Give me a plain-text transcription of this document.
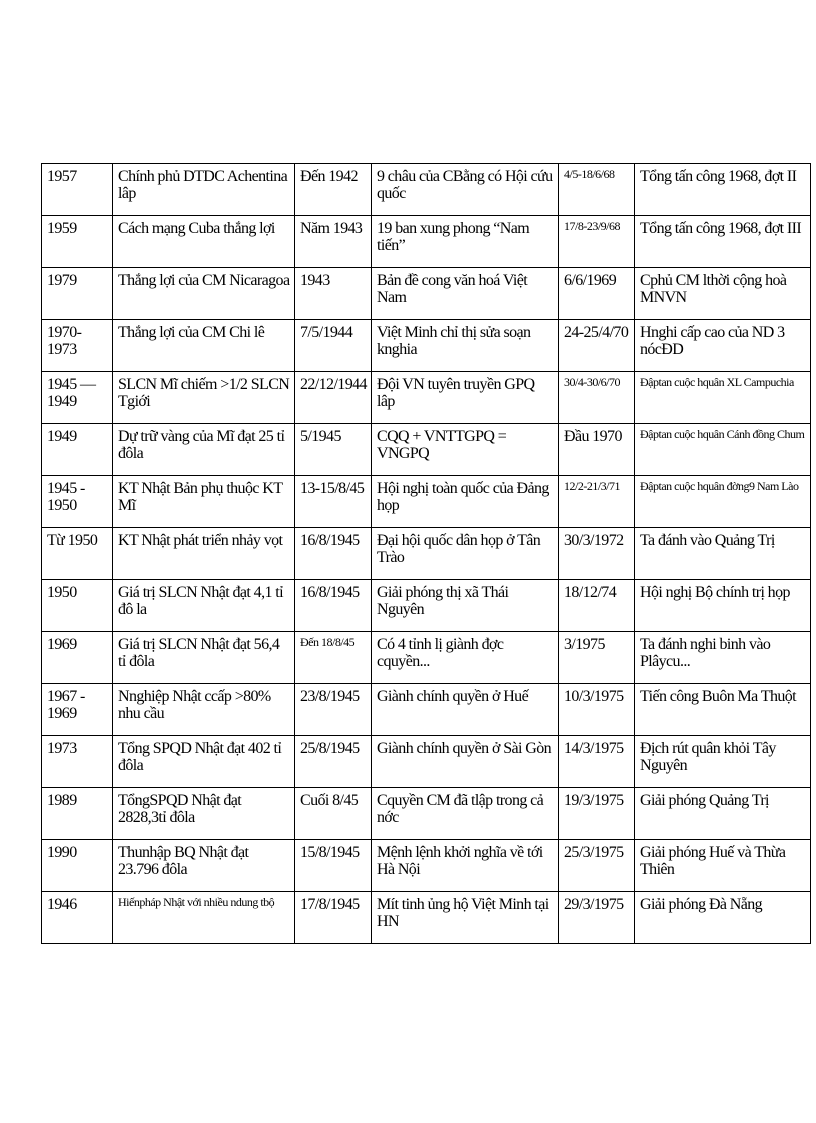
1957	Chính phủ DTDC Achentina lâp	Đến 1942	9 châu của CBằng có Hội cứu quốc	4/5-18/6/68	Tổng tấn công 1968, đợt II
1959	Cách mạng Cuba thắng lợi	Năm 1943	19 ban xung phong “Nam tiến”	17/8-23/9/68	Tổng tấn công 1968, đợt III
1979	Thắng lợi của CM Nicaragoa	1943	Bản đề cong văn hoá Việt Nam	6/6/1969	Cphủ CM lthời cộng hoà MNVN
1970-1973	Thắng lợi của CM Chi lê	7/5/1944	Việt Minh chỉ thị sửa soạn knghia	24-25/4/70	Hnghi cấp cao của ND 3 nócĐD
1945 — 1949	SLCN Mĩ chiếm >1/2 SLCN Tgiới	22/12/1944	Đội VN tuyên truyền GPQ lâp	30/4-30/6/70	Đậptan cuộc hquân XL Campuchia
1949	Dự trữ vàng của Mĩ đạt 25 tỉ đôla	5/1945	CQQ + VNTTGPQ = VNGPQ	Đầu 1970	Đậptan cuộc hquân Cánh đồng Chum
1945 - 1950	KT Nhật Bản phụ thuộc KT Mĩ	13-15/8/45	Hội nghị toàn quốc của Đảng họp	12/2-21/3/71	Đậptan cuộc hquân đờng9 Nam Lào
Từ 1950	KT Nhật phát triển nhảy vọt	16/8/1945	Đại hội quốc dân họp ở Tân Trào	30/3/1972	Ta đánh vào Quảng Trị
1950	Giá trị SLCN Nhật đạt 4,1 tỉ đô la	16/8/1945	Giải phóng thị xã Thái Nguyên	18/12/74	Hội nghị Bộ chính trị họp
1969	Giá trị SLCN Nhật đạt 56,4 tỉ đôla	Đến 18/8/45	Có 4 tỉnh lị giành đợc cquyền...	3/1975	Ta đánh nghi binh vào Plâycu...
1967 - 1969	Nnghiệp Nhật ccấp >80% nhu cầu	23/8/1945	Giành chính quyền ở Huế	10/3/1975	Tiến công Buôn Ma Thuột
1973	Tổng SPQD Nhật đạt 402 tỉ đôla	25/8/1945	Giành chính quyền ở Sài Gòn	14/3/1975	Địch rút quân khỏi Tây Nguyên
1989	TổngSPQD Nhật đạt 2828,3tỉ đôla	Cuối 8/45	Cquyền CM đã tlập trong cả nớc	19/3/1975	Giải phóng Quảng Trị
1990	Thunhập BQ Nhật đạt 23.796 đôla	15/8/1945	Mệnh lệnh khởi nghĩa về tới Hà Nội	25/3/1975	Giải phóng Huế và Thừa Thiên
1946	Hiếnpháp Nhật với nhiều ndung tbộ	17/8/1945	Mít tinh ủng hộ Việt Minh tại HN	29/3/1975	Giải phóng Đà Nẵng
